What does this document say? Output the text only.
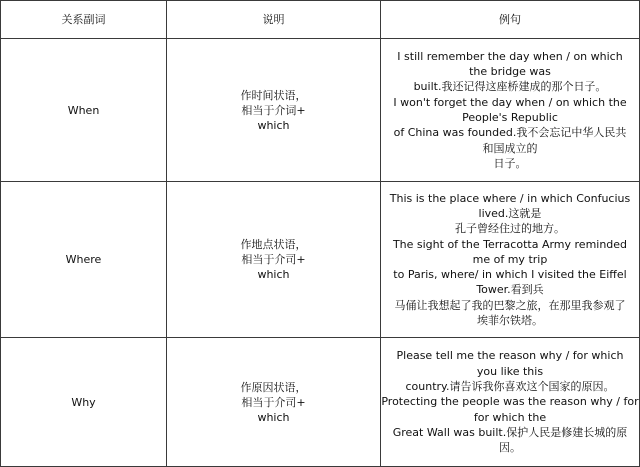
关系副词	说明	例句
When
作时间状语，
相当于介词+
which
I still remember the day when / on which
the bridge was
built.我还记得这座桥建成的那个日子。
I won't forget the day when / on which the
People's Republic
of China was founded.我不会忘记中华人民共
和国成立的
日子。
Where
作地点状语，
相当于介司+
which
This is the place where / in which Confucius
lived.这就是
孔子曾经住过的地方。
The sight of the Terracotta Army reminded
me of my trip
to Paris, where/ in which I visited the Eiffel
Tower.看到兵
马俑让我想起了我的巴黎之旅，在那里我参观了
埃菲尔铁塔。
Why
作原因状语，
相当于介司+
which
Please tell me the reason why / for which
you like this
country.请告诉我你喜欢这个国家的原因。
Protecting the people was the reason why / for
for which the
Great Wall was built.保护人民是修建长城的原
因。
